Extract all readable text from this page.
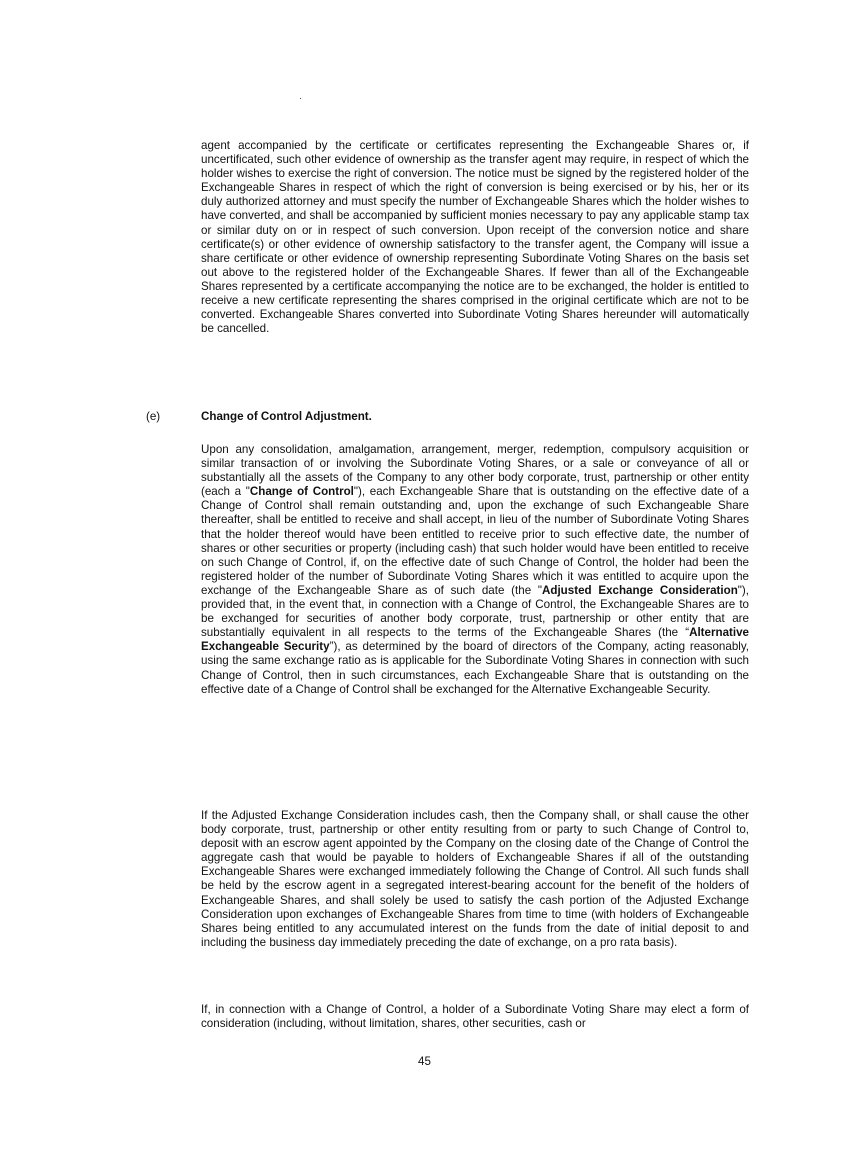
agent accompanied by the certificate or certificates representing the Exchangeable Shares or, if uncertificated, such other evidence of ownership as the transfer agent may require, in respect of which the holder wishes to exercise the right of conversion. The notice must be signed by the registered holder of the Exchangeable Shares in respect of which the right of conversion is being exercised or by his, her or its duly authorized attorney and must specify the number of Exchangeable Shares which the holder wishes to have converted, and shall be accompanied by sufficient monies necessary to pay any applicable stamp tax or similar duty on or in respect of such conversion. Upon receipt of the conversion notice and share certificate(s) or other evidence of ownership satisfactory to the transfer agent, the Company will issue a share certificate or other evidence of ownership representing Subordinate Voting Shares on the basis set out above to the registered holder of the Exchangeable Shares. If fewer than all of the Exchangeable Shares represented by a certificate accompanying the notice are to be exchanged, the holder is entitled to receive a new certificate representing the shares comprised in the original certificate which are not to be converted. Exchangeable Shares converted into Subordinate Voting Shares hereunder will automatically be cancelled.

(e)	Change of Control Adjustment.

Upon any consolidation, amalgamation, arrangement, merger, redemption, compulsory acquisition or similar transaction of or involving the Subordinate Voting Shares, or a sale or conveyance of all or substantially all the assets of the Company to any other body corporate, trust, partnership or other entity (each a "Change of Control"), each Exchangeable Share that is outstanding on the effective date of a Change of Control shall remain outstanding and, upon the exchange of such Exchangeable Share thereafter, shall be entitled to receive and shall accept, in lieu of the number of Subordinate Voting Shares that the holder thereof would have been entitled to receive prior to such effective date, the number of shares or other securities or property (including cash) that such holder would have been entitled to receive on such Change of Control, if, on the effective date of such Change of Control, the holder had been the registered holder of the number of Subordinate Voting Shares which it was entitled to acquire upon the exchange of the Exchangeable Share as of such date (the "Adjusted Exchange Consideration"), provided that, in the event that, in connection with a Change of Control, the Exchangeable Shares are to be exchanged for securities of another body corporate, trust, partnership or other entity that are substantially equivalent in all respects to the terms of the Exchangeable Shares (the “Alternative Exchangeable Security”), as determined by the board of directors of the Company, acting reasonably, using the same exchange ratio as is applicable for the Subordinate Voting Shares in connection with such Change of Control, then in such circumstances, each Exchangeable Share that is outstanding on the effective date of a Change of Control shall be exchanged for the Alternative Exchangeable Security.

If the Adjusted Exchange Consideration includes cash, then the Company shall, or shall cause the other body corporate, trust, partnership or other entity resulting from or party to such Change of Control to, deposit with an escrow agent appointed by the Company on the closing date of the Change of Control the aggregate cash that would be payable to holders of Exchangeable Shares if all of the outstanding Exchangeable Shares were exchanged immediately following the Change of Control. All such funds shall be held by the escrow agent in a segregated interest-bearing account for the benefit of the holders of Exchangeable Shares, and shall solely be used to satisfy the cash portion of the Adjusted Exchange Consideration upon exchanges of Exchangeable Shares from time to time (with holders of Exchangeable Shares being entitled to any accumulated interest on the funds from the date of initial deposit to and including the business day immediately preceding the date of exchange, on a pro rata basis).

If, in connection with a Change of Control, a holder of a Subordinate Voting Share may elect a form of consideration (including, without limitation, shares, other securities, cash or

45
